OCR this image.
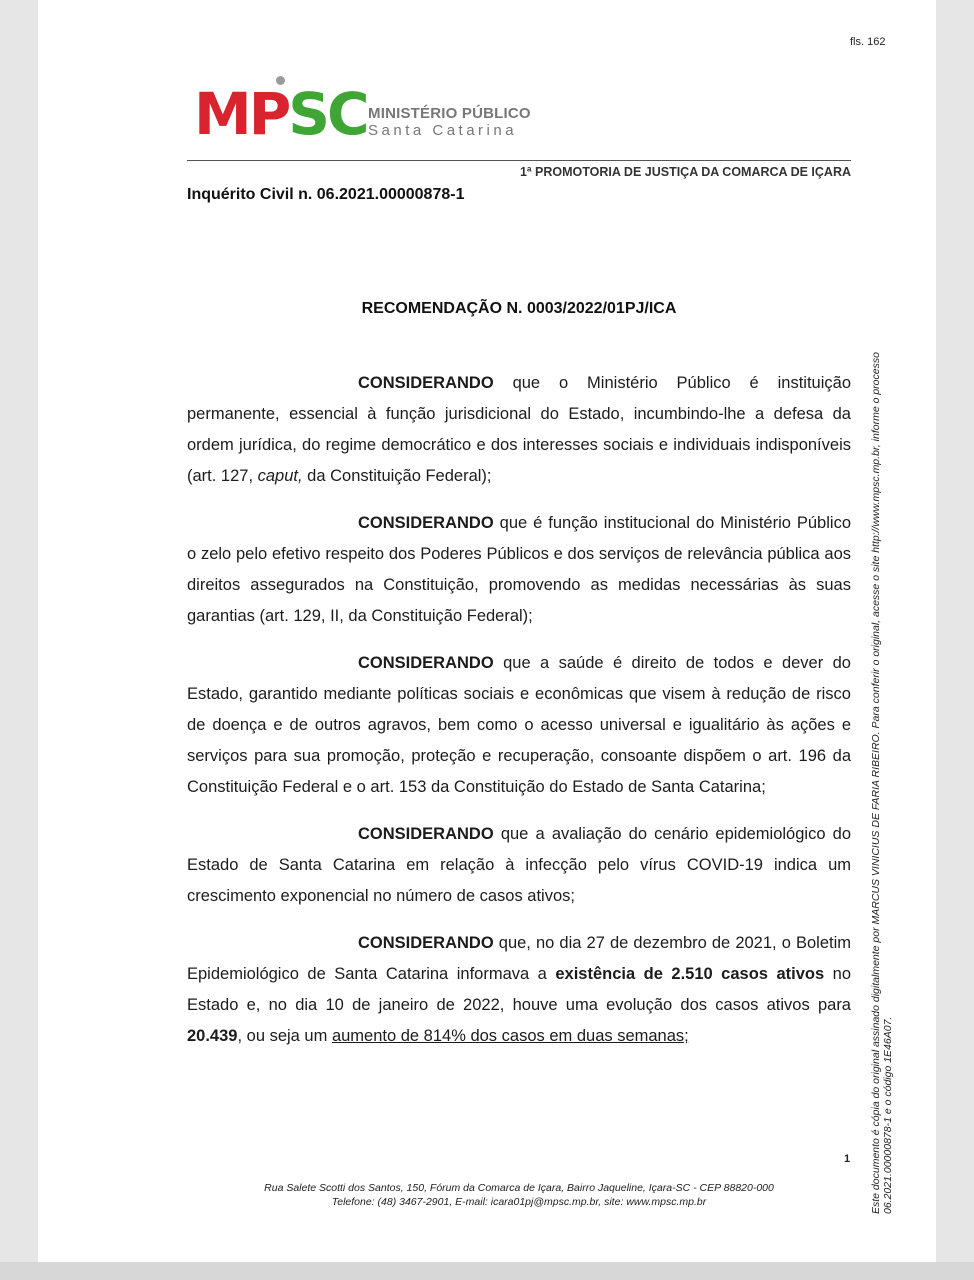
fls. 162
MPSC MINISTÉRIO PÚBLICO
Santa Catarina
1ª PROMOTORIA DE JUSTIÇA DA COMARCA DE IÇARA
Inquérito Civil n. 06.2021.00000878-1
RECOMENDAÇÃO N. 0003/2022/01PJ/ICA

CONSIDERANDO que o Ministério Público é instituição permanente, essencial à função jurisdicional do Estado, incumbindo-lhe a defesa da ordem jurídica, do regime democrático e dos interesses sociais e individuais indisponíveis (art. 127, caput, da Constituição Federal);

CONSIDERANDO que é função institucional do Ministério Público o zelo pelo efetivo respeito dos Poderes Públicos e dos serviços de relevância pública aos direitos assegurados na Constituição, promovendo as medidas necessárias às suas garantias (art. 129, II, da Constituição Federal);

CONSIDERANDO que a saúde é direito de todos e dever do Estado, garantido mediante políticas sociais e econômicas que visem à redução de risco de doença e de outros agravos, bem como o acesso universal e igualitário às ações e serviços para sua promoção, proteção e recuperação, consoante dispõem o art. 196 da Constituição Federal e o art. 153 da Constituição do Estado de Santa Catarina;

CONSIDERANDO que a avaliação do cenário epidemiológico do Estado de Santa Catarina em relação à infecção pelo vírus COVID-19 indica um crescimento exponencial no número de casos ativos;

CONSIDERANDO que, no dia 27 de dezembro de 2021, o Boletim Epidemiológico de Santa Catarina informava a existência de 2.510 casos ativos no Estado e, no dia 10 de janeiro de 2022, houve uma evolução dos casos ativos para 20.439, ou seja um aumento de 814% dos casos em duas semanas;

1
Rua Salete Scotti dos Santos, 150, Fórum da Comarca de Içara, Bairro Jaqueline, Içara-SC - CEP 88820-000
Telefone: (48) 3467-2901, E-mail: icara01pj@mpsc.mp.br, site: www.mpsc.mp.br	Este documento é cópia do original assinado digitalmente por MARCUS VINICIUS DE FARIA RIBEIRO. Para conferir o original, acesse o site http://www.mpsc.mp.br, informe o processo 06.2021.00000878-1 e o código 1E46A07.
